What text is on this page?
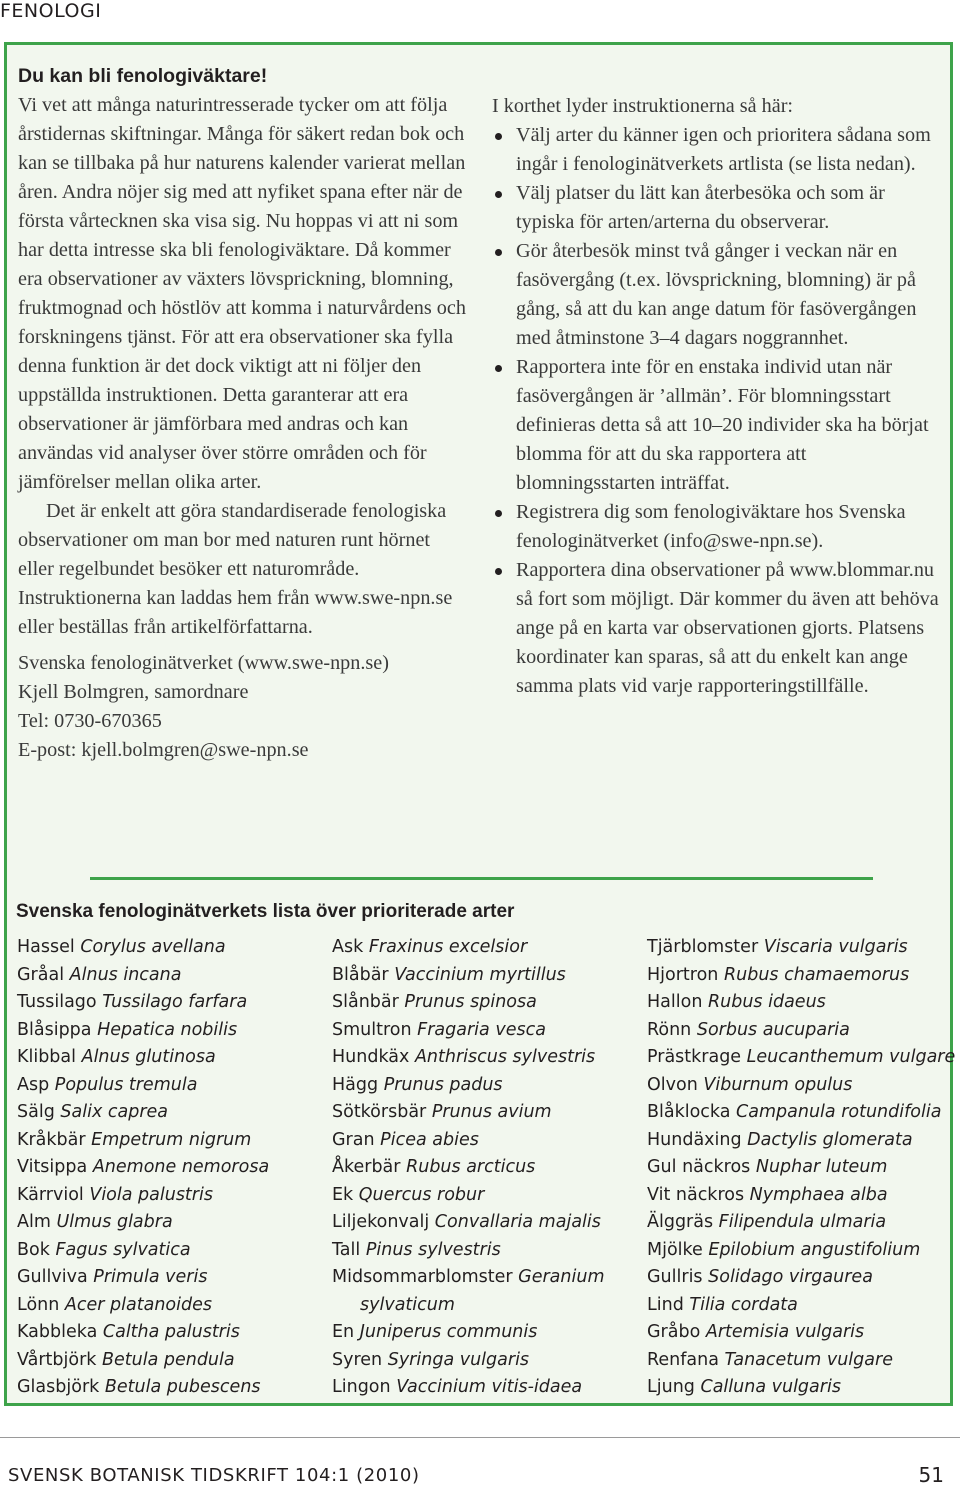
FENOLOGI

Du kan bli fenologiväktare!

Vi vet att många naturintresserade tycker om att följa årstidernas skiftningar. Många för säkert redan bok och kan se tillbaka på hur naturens kalender varierat mellan åren. Andra nöjer sig med att nyfiket spana efter när de första vårtecknen ska visa sig. Nu hoppas vi att ni som har detta intresse ska bli fenologiväktare. Då kommer era observationer av växters lövsprickning, blomning, fruktmognad och höstlöv att komma i naturvårdens och forskningens tjänst. För att era observationer ska fylla denna funktion är det dock viktigt att ni följer den uppställda instruktionen. Detta garanterar att era observationer är jämförbara med andras och kan användas vid analyser över större områden och för jämförelser mellan olika arter.

Det är enkelt att göra standardiserade fenologiska observationer om man bor med naturen runt hörnet eller regelbundet besöker ett naturområde. Instruktionerna kan laddas hem från www.swe-npn.se eller beställas från artikelförfattarna.

Svenska fenologinätverket (www.swe-npn.se)
Kjell Bolmgren, samordnare
Tel: 0730-670365
E-post: kjell.bolmgren@swe-npn.se
I korthet lyder instruktionerna så här:
Välj arter du känner igen och prioritera sådana som ingår i fenologinätverkets artlista (se lista nedan).
Välj platser du lätt kan återbesöka och som är typiska för arten/arterna du observerar.
Gör återbesök minst två gånger i veckan när en fasövergång (t.ex. lövsprickning, blomning) är på gång, så att du kan ange datum för fasövergången med åtminstone 3–4 dagars noggrannhet.
Rapportera inte för en enstaka individ utan när fasövergången är ’allmän’. För blomningsstart definieras detta så att 10–20 individer ska ha börjat blomma för att du ska rapportera att blomningsstarten inträffat.
Registrera dig som fenologiväktare hos Svenska fenologinätverket (info@swe-npn.se).
Rapportera dina observationer på www.blommar.nu så fort som möjligt. Där kommer du även att behöva ange på en karta var observationen gjorts. Platsens koordinater kan sparas, så att du enkelt kan ange samma plats vid varje rapporteringstillfälle.
Svenska fenologinätverkets lista över prioriterade arter
Hassel Corylus avellana
Gråal Alnus incana
Tussilago Tussilago farfara
Blåsippa Hepatica nobilis
Klibbal Alnus glutinosa
Asp Populus tremula
Sälg Salix caprea
Kråkbär Empetrum nigrum
Vitsippa Anemone nemorosa
Kärrviol Viola palustris
Alm Ulmus glabra
Bok Fagus sylvatica
Gullviva Primula veris
Lönn Acer platanoides
Kabbleka Caltha palustris
Vårtbjörk Betula pendula
Glasbjörk Betula pubescens
Ask Fraxinus excelsior
Blåbär Vaccinium myrtillus
Slånbär Prunus spinosa
Smultron Fragaria vesca
Hundkäx Anthriscus sylvestris
Hägg Prunus padus
Sötkörsbär Prunus avium
Gran Picea abies
Åkerbär Rubus arcticus
Ek Quercus robur
Liljekonvalj Convallaria majalis
Tall Pinus sylvestris
Midsommarblomster Geranium
sylvaticum
En Juniperus communis
Syren Syringa vulgaris
Lingon Vaccinium vitis-idaea
Tjärblomster Viscaria vulgaris
Hjortron Rubus chamaemorus
Hallon Rubus idaeus
Rönn Sorbus aucuparia
Prästkrage Leucanthemum vulgare
Olvon Viburnum opulus
Blåklocka Campanula rotundifolia
Hundäxing Dactylis glomerata
Gul näckros Nuphar luteum
Vit näckros Nymphaea alba
Älggräs Filipendula ulmaria
Mjölke Epilobium angustifolium
Gullris Solidago virgaurea
Lind Tilia cordata
Gråbo Artemisia vulgaris
Renfana Tanacetum vulgare
Ljung Calluna vulgaris
SVENSK BOTANISK TIDSKRIFT 104:1 (2010)	51
